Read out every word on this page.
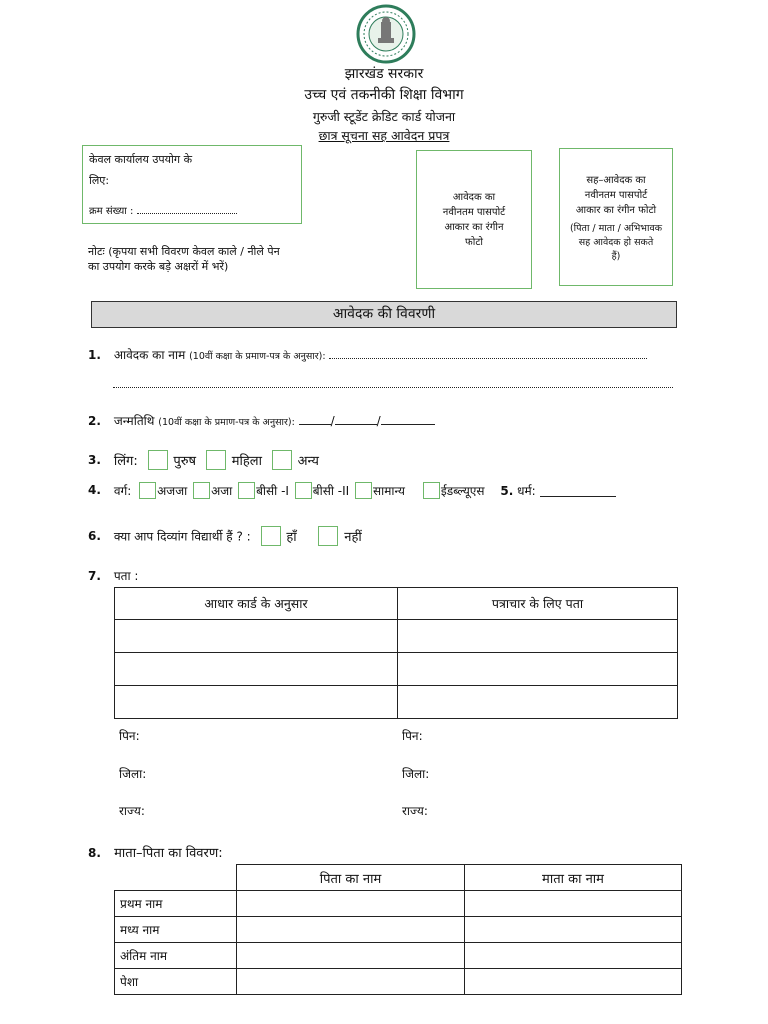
झारखंड सरकार
उच्च एवं तकनीकी शिक्षा विभाग
गुरुजी स्टूडेंट क्रेडिट कार्ड योजना
छात्र सूचना सह आवेदन प्रपत्र
केवल कार्यालय उपयोग के
लिए:
क्रम संख्या :
आवेदक का
नवीनतम पासपोर्ट
आकार का रंगीन
फोटो
सह–आवेदक का
नवीनतम पासपोर्ट
आकार का रंगीन फोटो
(पिता / माता / अभिभावक
सह आवेदक हो सकते
हैं)
नोटः (कृपया सभी विवरण केवल काले / नीले पेन
का उपयोग करके बड़े अक्षरों में भरें)
आवेदक की विवरणी
1. आवेदक का नाम (10वीं कक्षा के प्रमाण-पत्र के अनुसार):
2. जन्मतिथि (10वीं कक्षा के प्रमाण-पत्र के अनुसार):	/	/
3. लिंग:	पुरुष	महिला	अन्य
4. वर्ग: अजजा अजा बीसी -I बीसी -II सामान्य	ईडब्ल्यूएस 5. धर्म:
6. क्या आप दिव्यांग विद्यार्थी हैं ? :	हाँ	नहीं
7. पता :
आधार कार्ड के अनुसार	पत्राचार के लिए पता

पिन:	पिन:
जिला:	जिला:
राज्य:	राज्य:
8. माता–पिता का विवरण:
	पिता का नाम	माता का नाम
प्रथम नाम		
मध्य नाम		
अंतिम नाम		
पेशा		
